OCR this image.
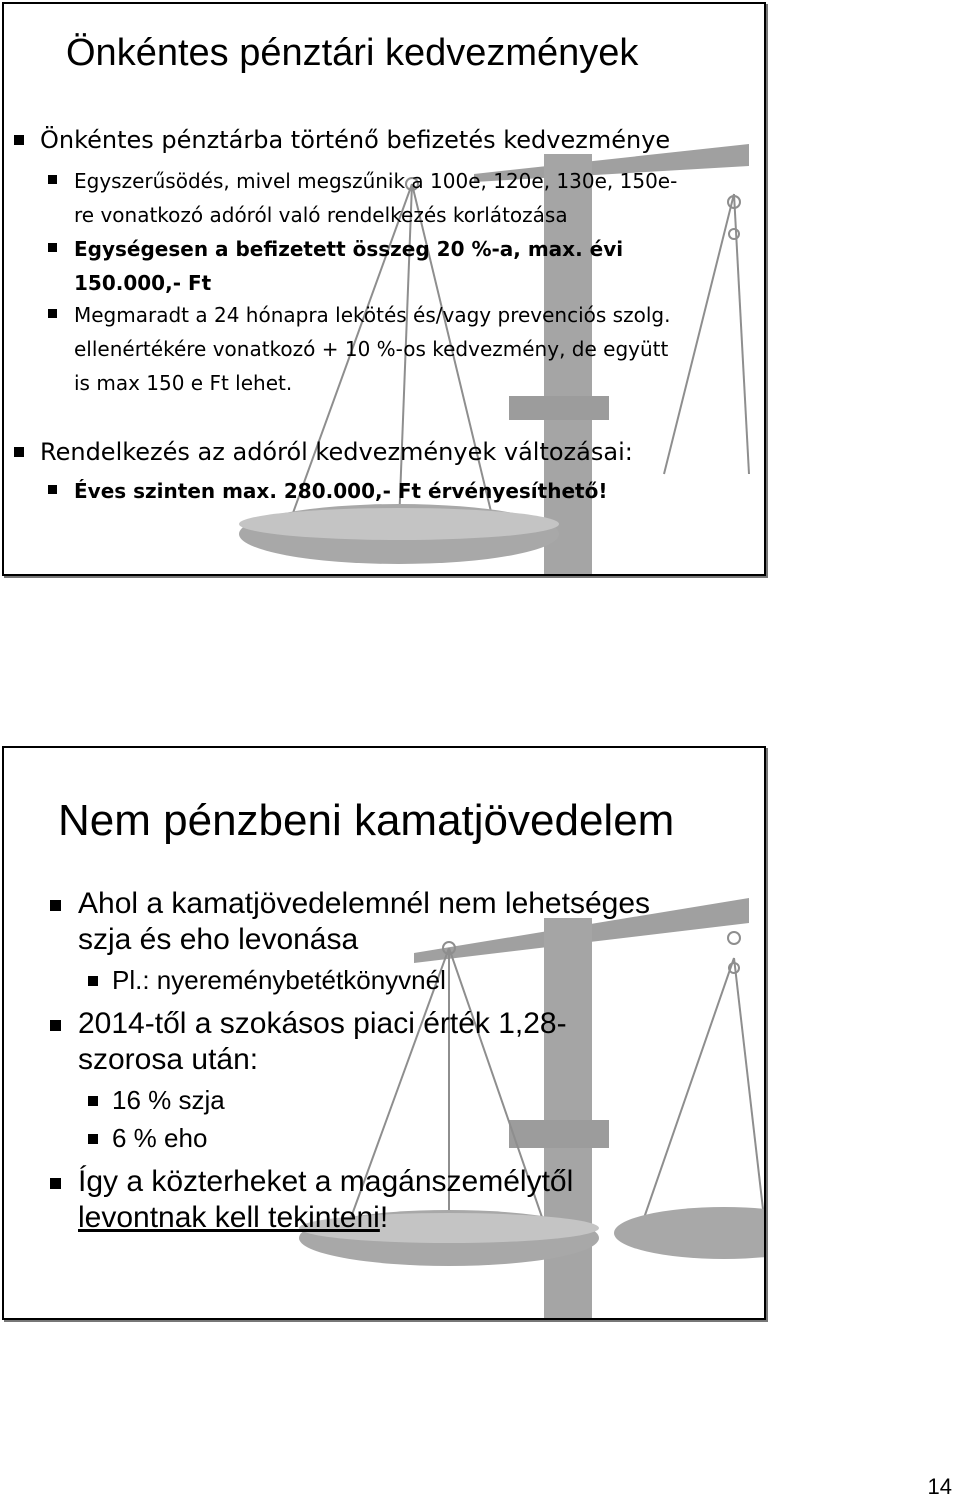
Önkéntes pénztári kedvezmények
Önkéntes pénztárba történő befizetés kedvezménye
Egyszerűsödés, mivel megszűnik a 100e, 120e, 130e, 150e-
re vonatkozó adóról való rendelkezés korlátozása
Egységesen a befizetett összeg 20 %-a, max. évi
150.000,- Ft
Megmaradt a 24 hónapra lekötés és/vagy prevenciós szolg.
ellenértékére vonatkozó + 10 %-os kedvezmény, de együtt
is max 150 e Ft lehet.
Rendelkezés az adóról kedvezmények változásai:
Éves szinten max. 280.000,- Ft érvényesíthető!
Nem pénzbeni kamatjövedelem
Ahol a kamatjövedelemnél nem lehetséges
szja és eho levonása
Pl.: nyereménybetétkönyvnél
2014-től a szokásos piaci érték 1,28-
szorosa után:
16 % szja
6 % eho
Így a közterheket a magánszemélytől
levontnak kell tekinteni!
14
